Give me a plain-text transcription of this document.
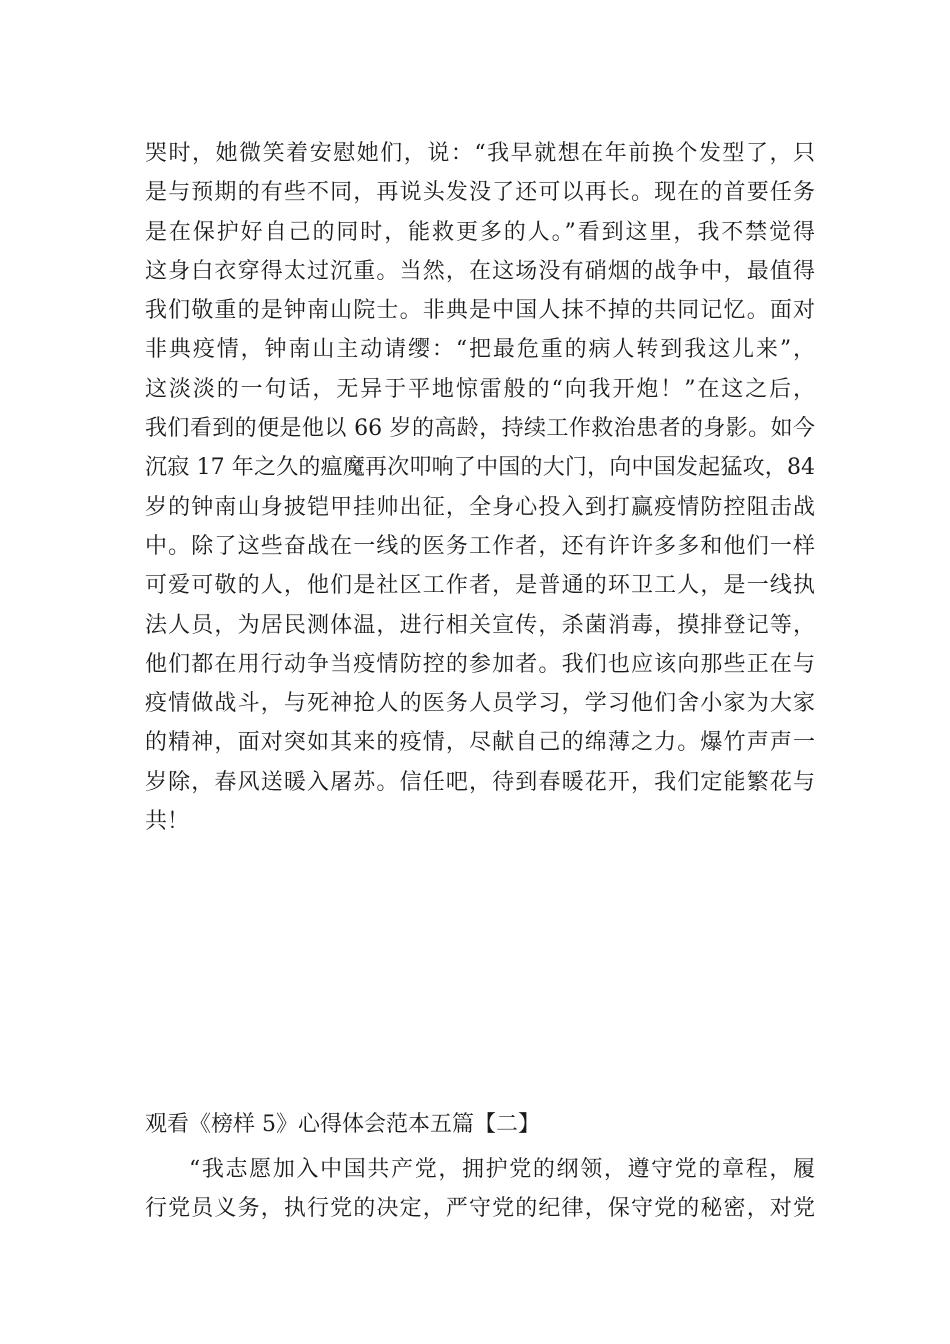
哭时，她微笑着安慰她们，说：“我早就想在年前换个发型了，只
是与预期的有些不同，再说头发没了还可以再长。现在的首要任务
是在保护好自己的同时，能救更多的人。”看到这里，我不禁觉得
这身白衣穿得太过沉重。当然，在这场没有硝烟的战争中，最值得
我们敬重的是钟南山院士。非典是中国人抹不掉的共同记忆。面对
非典疫情，钟南山主动请缨：“把最危重的病人转到我这儿来”，
这淡淡的一句话，无异于平地惊雷般的“向我开炮！”在这之后，
我们看到的便是他以 66 岁的高龄，持续工作救治患者的身影。如今
沉寂 17 年之久的瘟魔再次叩响了中国的大门，向中国发起猛攻，84
岁的钟南山身披铠甲挂帅出征，全身心投入到打赢疫情防控阻击战
中。除了这些奋战在一线的医务工作者，还有许许多多和他们一样
可爱可敬的人，他们是社区工作者，是普通的环卫工人，是一线执
法人员，为居民测体温，进行相关宣传，杀菌消毒，摸排登记等，
他们都在用行动争当疫情防控的参加者。我们也应该向那些正在与
疫情做战斗，与死神抢人的医务人员学习，学习他们舍小家为大家
的精神，面对突如其来的疫情，尽献自己的绵薄之力。爆竹声声一
岁除，春风送暖入屠苏。信任吧，待到春暖花开，我们定能繁花与
共！
观看《榜样 5》心得体会范本五篇【二】
“我志愿加入中国共产党，拥护党的纲领，遵守党的章程，履
行党员义务，执行党的决定，严守党的纪律，保守党的秘密，对党
